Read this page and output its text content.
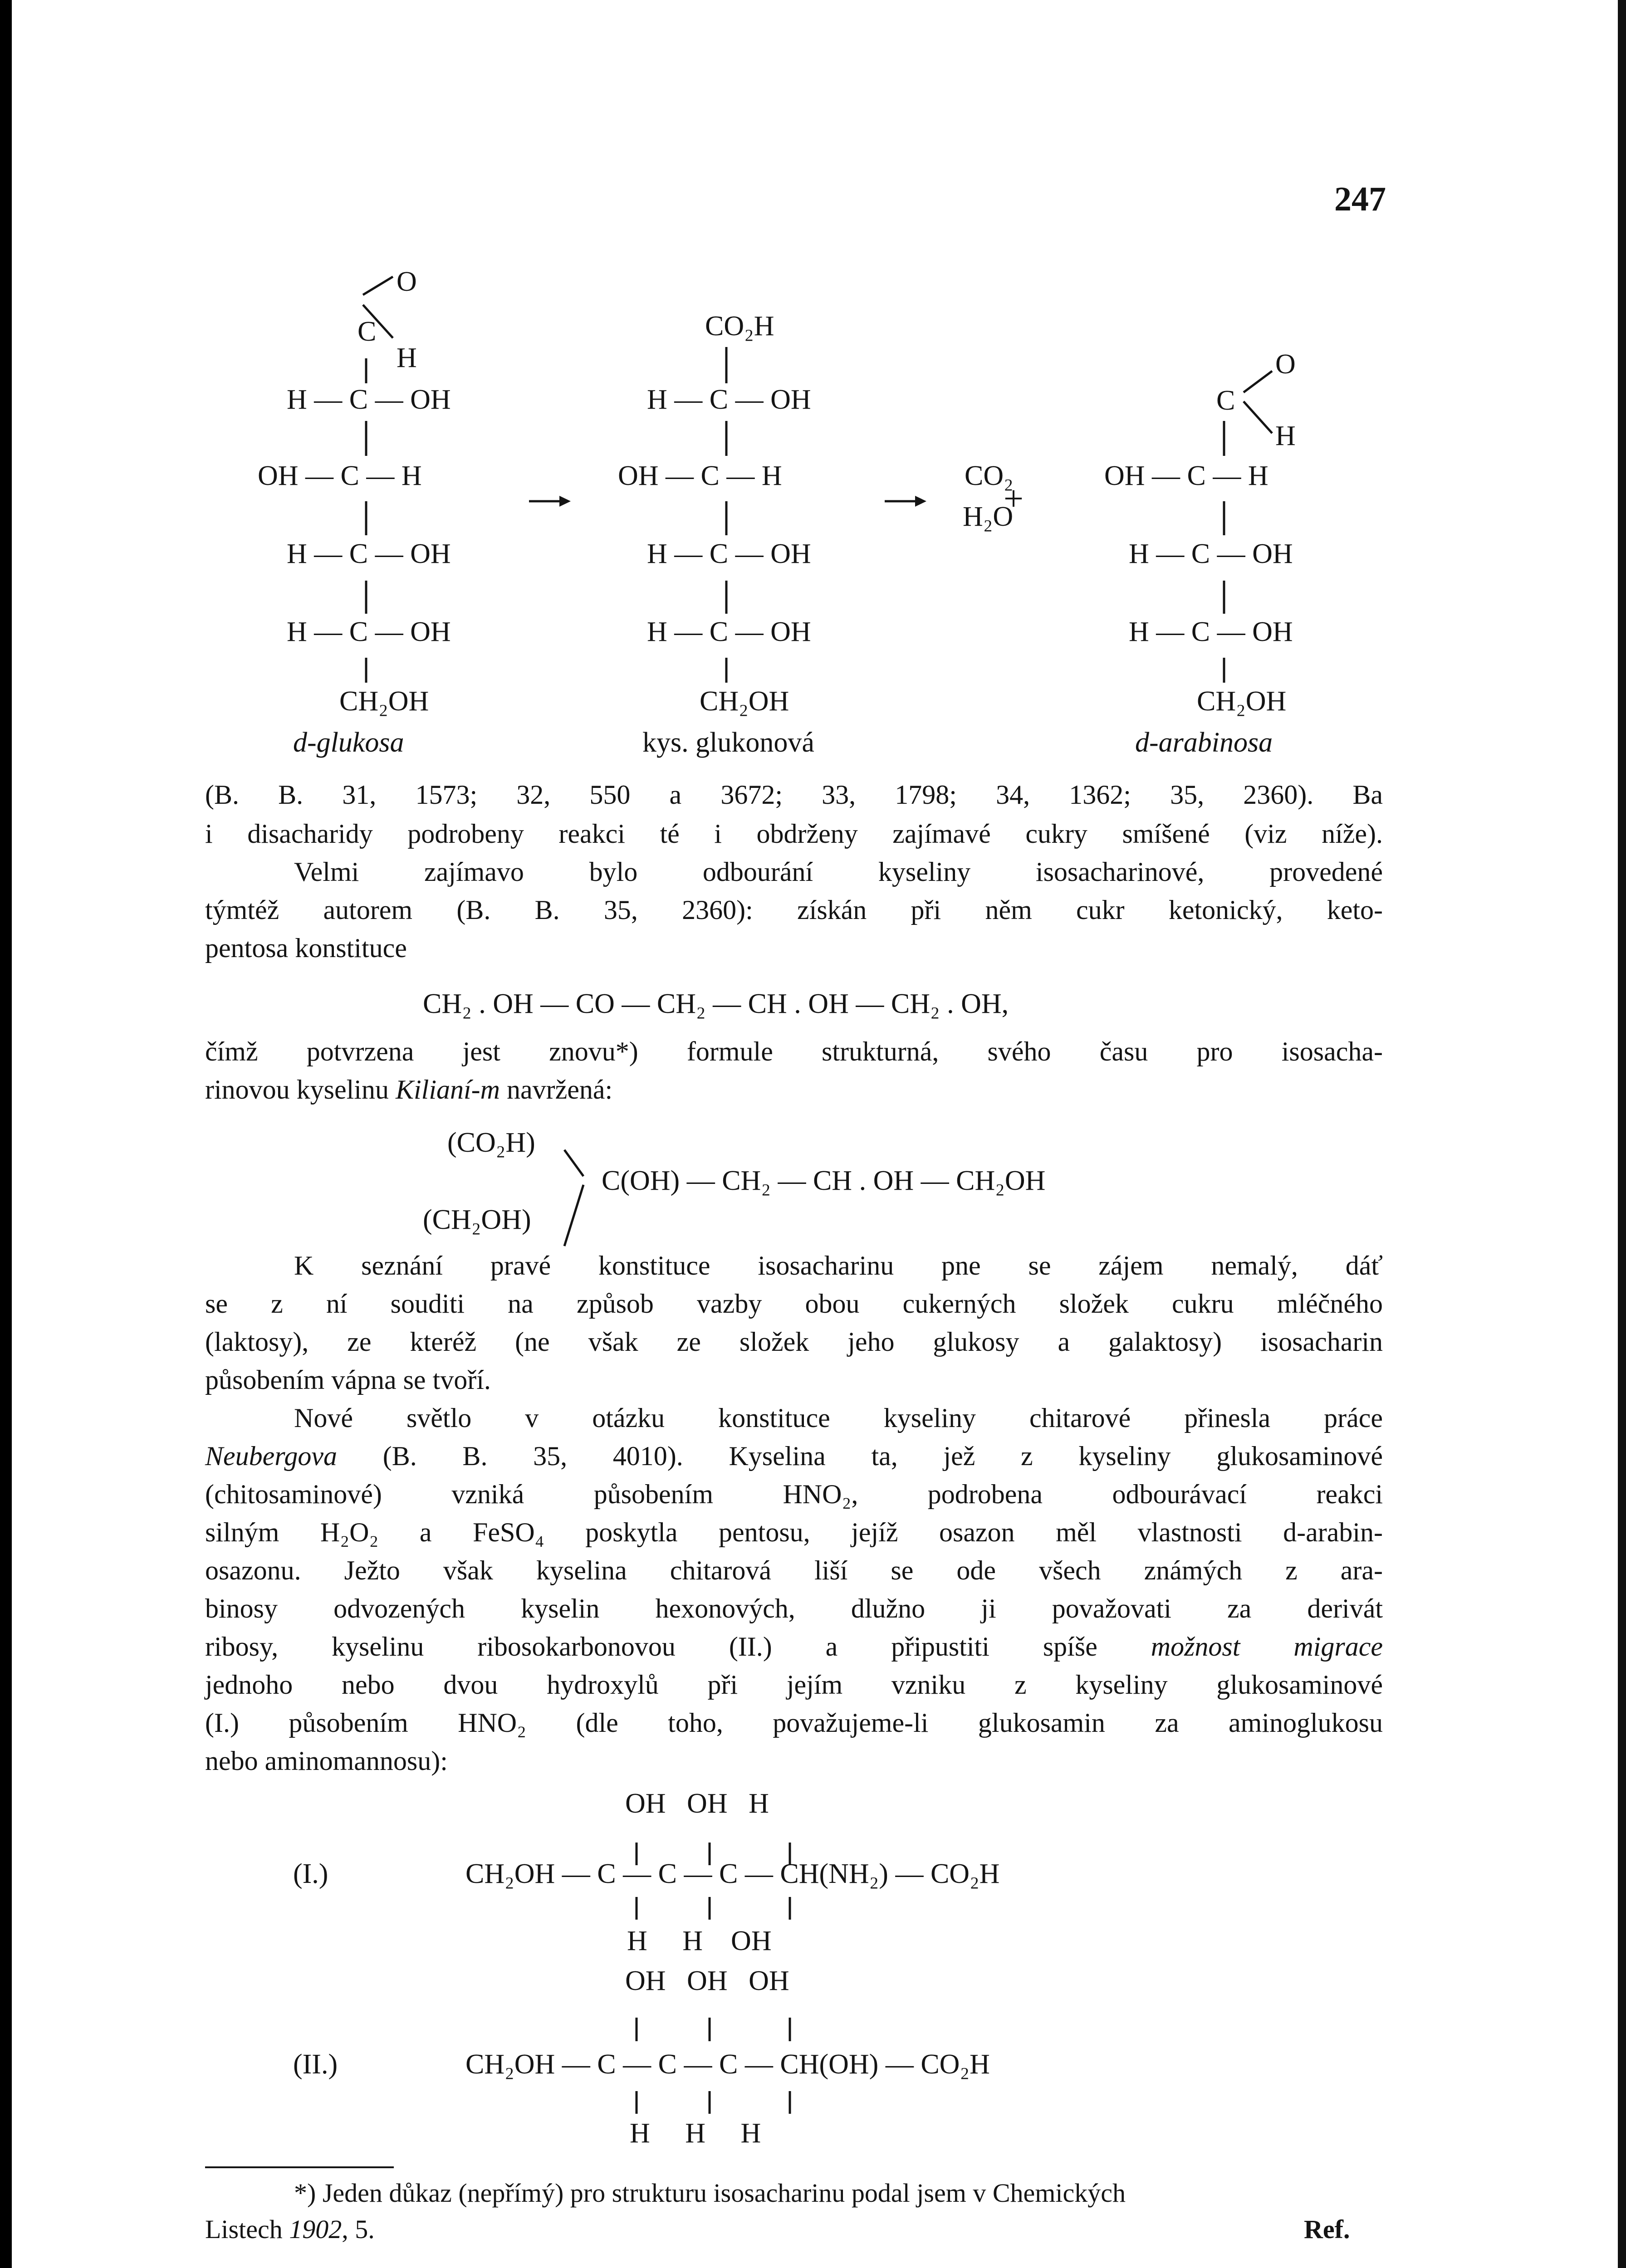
247
C
O
H
H — C — OH
OH — C — H
H — C — OH
H — C — OH
CH₂OH
d-glukosa
CO₂H
H — C — OH
OH — C — H
H — C — OH
H — C — OH
CH₂OH
kys. glukonová
CO₂
H₂O
+
C
O
H
OH — C — H
H — C — OH
H — C — OH
CH₂OH
d-arabinosa
(B. B. 31, 1573; 32, 550 a 3672; 33, 1798; 34, 1362; 35, 2360). Ba
i disacharidy podrobeny reakci té i obdrženy zajímavé cukry smíšené (viz níže).
Velmi zajímavo bylo odbourání kyseliny isosacharinové, provedené
týmtéž autorem (B. B. 35, 2360): získán při něm cukr ketonický, keto-
pentosa konstituce
CH₂ . OH — CO — CH₂ — CH . OH — CH₂ . OH,
čímž potvrzena jest znovu*) formule strukturná, svého času pro isosacha-
rinovou kyselinu Kilianí-m navržená:
(CO₂H)
C(OH) — CH₂ — CH . OH — CH₂OH
(CH₂OH)
K seznání pravé konstituce isosacharinu pne se zájem nemalý, dáť
se z ní souditi na způsob vazby obou cukerných složek cukru mléčného
(laktosy), ze kteréž (ne však ze složek jeho glukosy a galaktosy) isosacharin
působením vápna se tvoří.
Nové světlo v otázku konstituce kyseliny chitarové přinesla práce
Neubergova (B. B. 35, 4010). Kyselina ta, jež z kyseliny glukosaminové
(chitosaminové) vzniká působením HNO₂, podrobena odbourávací reakci
silným H₂O₂ a FeSO₄ poskytla pentosu, jejíž osazon měl vlastnosti d-arabin-
osazonu. Ježto však kyselina chitarová liší se ode všech známých z ara-
binosy odvozených kyselin hexonových, dlužno ji považovati za derivát
ribosy, kyselinu ribosokarbonovou (II.) a připustiti spíše možnost migrace
jednoho nebo dvou hydroxylů při jejím vzniku z kyseliny glukosaminové
(I.) působením HNO₂ (dle toho, považujeme-li glukosamin za aminoglukosu
nebo aminomannosu):
OH   OH   H
(I.)	CH₂OH — C — C — C — CH(NH₂) — CO₂H
H     H    OH
OH   OH   OH
(II.)	CH₂OH — C — C — C — CH(OH) — CO₂H
H     H     H
*) Jeden důkaz (nepřímý) pro strukturu isosacharinu podal jsem v Chemických
Listech 1902, 5.	Ref.
